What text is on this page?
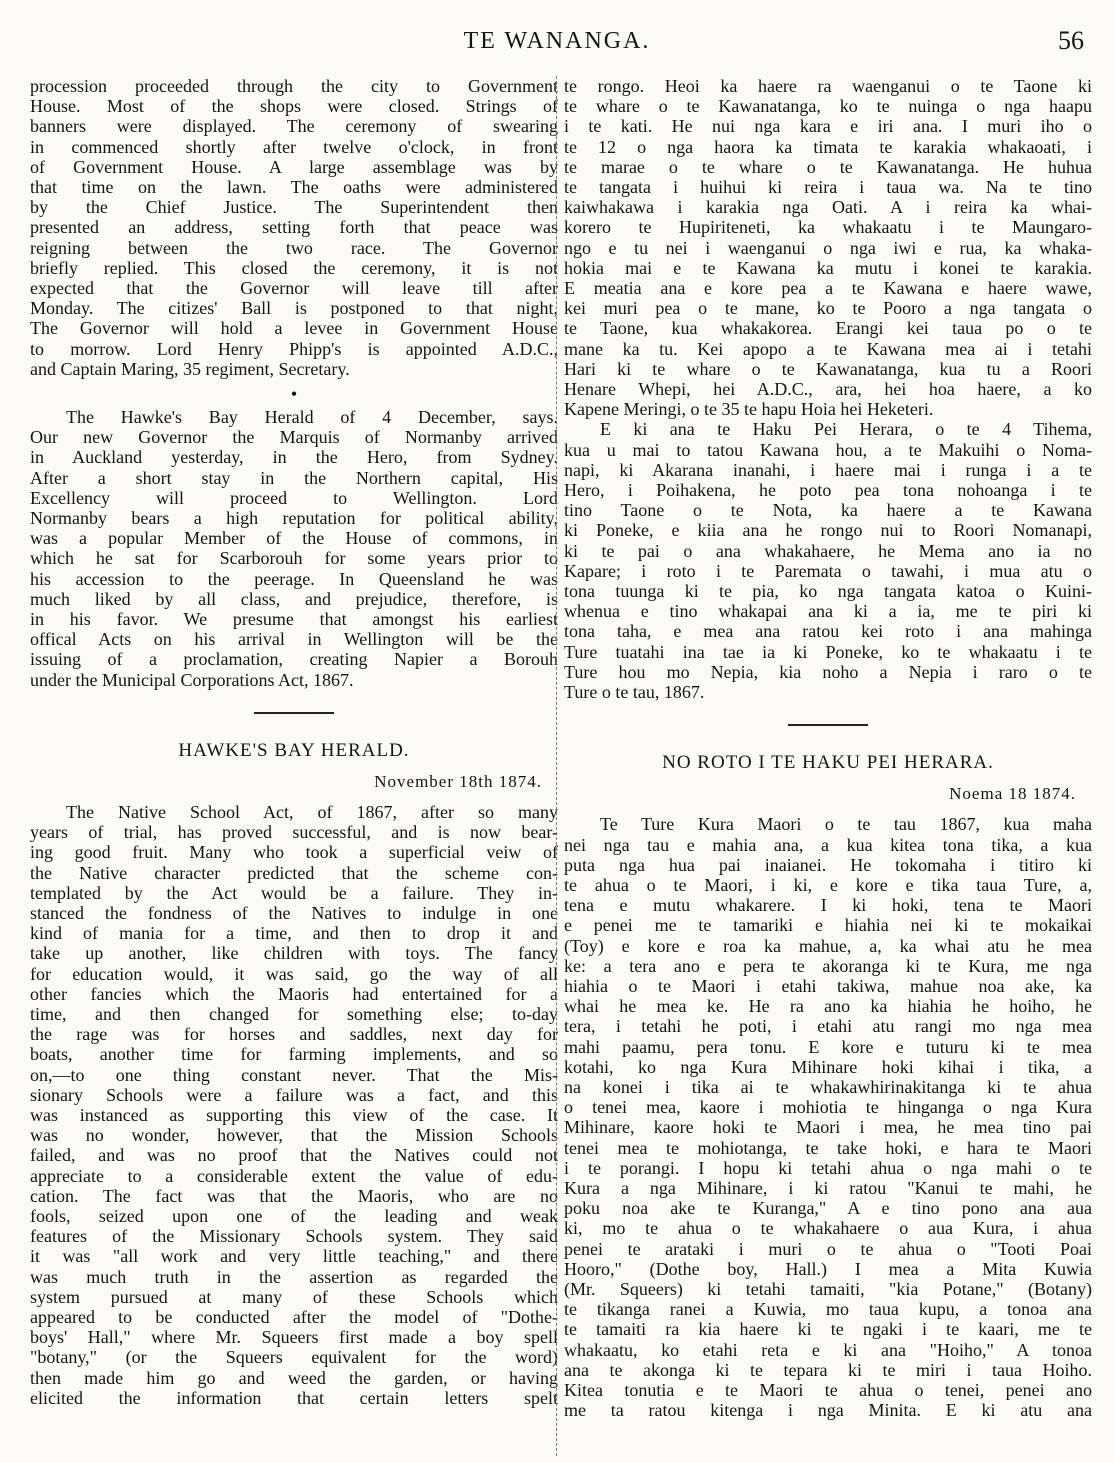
TE WANANGA.	56

procession proceeded through the city to Government

House. Most of the shops were closed. Strings of

banners were displayed. The ceremony of swearing

in commenced shortly after twelve o'clock, in front

of Government House. A large assemblage was by

that time on the lawn. The oaths were administered

by the Chief Justice. The Superintendent then

presented an address, setting forth that peace was

reigning between the two race. The Governor

briefly replied. This closed the ceremony, it is not

expected that the Governor will leave till after

Monday. The citizes' Ball is postponed to that night,

The Governor will hold a levee in Government House

to morrow. Lord Henry Phipp's is appointed A.D.C.,

and Captain Maring, 35 regiment, Secretary.

•

The Hawke's Bay Herald of 4 December, says.

Our new Governor the Marquis of Normanby arrived

in Auckland yesterday, in the Hero, from Sydney.

After a short stay in the Northern capital, His

Excellency will proceed to Wellington. Lord

Normanby bears a high reputation for political ability,

was a popular Member of the House of commons, in

which he sat for Scarborouh for some years prior to

his accession to the peerage. In Queensland he was

much liked by all class, and prejudice, therefore, is

in his favor. We presume that amongst his earliest

offical Acts on his arrival in Wellington will be the

issuing of a proclamation, creating Napier a Borouh

under the Municipal Corporations Act, 1867.

HAWKE'S BAY HERALD.
November 18th 1874.

The Native School Act, of 1867, after so many

years of trial, has proved successful, and is now bear-

ing good fruit. Many who took a superficial veiw of

the Native character predicted that the scheme con-

templated by the Act would be a failure. They in-

stanced the fondness of the Natives to indulge in one

kind of mania for a time, and then to drop it and

take up another, like children with toys. The fancy

for education would, it was said, go the way of all

other fancies which the Maoris had entertained for a

time, and then changed for something else; to-day

the rage was for horses and saddles, next day for

boats, another time for farming implements, and so

on,—to one thing constant never. That the Mis-

sionary Schools were a failure was a fact, and this

was instanced as supporting this view of the case. It

was no wonder, however, that the Mission Schools

failed, and was no proof that the Natives could not

appreciate to a considerable extent the value of edu-

cation. The fact was that the Maoris, who are no

fools, seized upon one of the leading and weak

features of the Missionary Schools system. They said

it was "all work and very little teaching," and there

was much truth in the assertion as regarded the

system pursued at many of these Schools which

appeared to be conducted after the model of "Dothe-

boys' Hall," where Mr. Squeers first made a boy spell

"botany," (or the Squeers equivalent for the word)

then made him go and weed the garden, or having

elicited the information that certain letters spelt

te rongo. Heoi ka haere ra waenganui o te Taone ki

te whare o te Kawanatanga, ko te nuinga o nga haapu

i te kati. He nui nga kara e iri ana. I muri iho o

te 12 o nga haora ka timata te karakia whakaoati, i

te marae o te whare o te Kawanatanga. He huhua

te tangata i huihui ki reira i taua wa. Na te tino

kaiwhakawa i karakia nga Oati. A i reira ka whai-

korero te Hupiriteneti, ka whakaatu i te Maungaro-

ngo e tu nei i waenganui o nga iwi e rua, ka whaka-

hokia mai e te Kawana ka mutu i konei te karakia.

E meatia ana e kore pea a te Kawana e haere wawe,

kei muri pea o te mane, ko te Pooro a nga tangata o

te Taone, kua whakakorea. Erangi kei taua po o te

mane ka tu. Kei apopo a te Kawana mea ai i tetahi

Hari ki te whare o te Kawanatanga, kua tu a Roori

Henare Whepi, hei A.D.C., ara, hei hoa haere, a ko

Kapene Meringi, o te 35 te hapu Hoia hei Heketeri.

E ki ana te Haku Pei Herara, o te 4 Tihema,

kua u mai to tatou Kawana hou, a te Makuihi o Noma-

napi, ki Akarana inanahi, i haere mai i runga i a te

Hero, i Poihakena, he poto pea tona nohoanga i te

tino Taone o te Nota, ka haere a te Kawana

ki Poneke, e kiia ana he rongo nui to Roori Nomanapi,

ki te pai o ana whakahaere, he Mema ano ia no

Kapare; i roto i te Paremata o tawahi, i mua atu o

tona tuunga ki te pia, ko nga tangata katoa o Kuini-

whenua e tino whakapai ana ki a ia, me te piri ki

tona taha, e mea ana ratou kei roto i ana mahinga

Ture tuatahi ina tae ia ki Poneke, ko te whakaatu i te

Ture hou mo Nepia, kia noho a Nepia i raro o te

Ture o te tau, 1867.

NO ROTO I TE HAKU PEI HERARA.
Noema 18 1874.

Te Ture Kura Maori o te tau 1867, kua maha

nei nga tau e mahia ana, a kua kitea tona tika, a kua

puta nga hua pai inaianei. He tokomaha i titiro ki

te ahua o te Maori, i ki, e kore e tika taua Ture, a,

tena e mutu whakarere. I ki hoki, tena te Maori

e penei me te tamariki e hiahia nei ki te mokaikai

(Toy) e kore e roa ka mahue, a, ka whai atu he mea

ke: a tera ano e pera te akoranga ki te Kura, me nga

hiahia o te Maori i etahi takiwa, mahue noa ake, ka

whai he mea ke. He ra ano ka hiahia he hoiho, he

tera, i tetahi he poti, i etahi atu rangi mo nga mea

mahi paamu, pera tonu. E kore e tuturu ki te mea

kotahi, ko nga Kura Mihinare hoki kihai i tika, a

na konei i tika ai te whakawhirinakitanga ki te ahua

o tenei mea, kaore i mohiotia te hinganga o nga Kura

Mihinare, kaore hoki te Maori i mea, he mea tino pai

tenei mea te mohiotanga, te take hoki, e hara te Maori

i te porangi. I hopu ki tetahi ahua o nga mahi o te

Kura a nga Mihinare, i ki ratou "Kanui te mahi, he

poku noa ake te Kuranga," A e tino pono ana aua

ki, mo te ahua o te whakahaere o aua Kura, i ahua

penei te arataki i muri o te ahua o "Tooti Poai

Hooro," (Dothe boy, Hall.) I mea a Mita Kuwia

(Mr. Squeers) ki tetahi tamaiti, "kia Potane," (Botany)

te tikanga ranei a Kuwia, mo taua kupu, a tonoa ana

te tamaiti ra kia haere ki te ngaki i te kaari, me te

whakaatu, ko etahi reta e ki ana "Hoiho," A tonoa

ana te akonga ki te tepara ki te miri i taua Hoiho.

Kitea tonutia e te Maori te ahua o tenei, penei ano

me ta ratou kitenga i nga Minita. E ki atu ana
